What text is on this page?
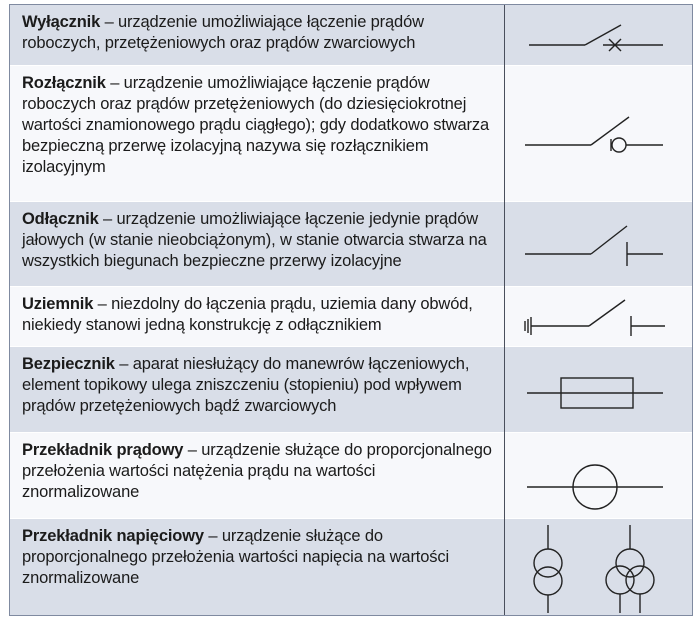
Wyłącznik – urządzenie umożliwiające łączenie prądów roboczych, przetężeniowych oraz prądów zwarciowych
Rozłącznik – urządzenie umożliwiające łączenie prądów roboczych oraz prądów przetężeniowych (do dziesięciokrotnej wartości znamionowego prądu ciągłego); gdy dodatkowo stwarza bezpieczną przerwę izolacyjną nazywa się rozłącznikiem izolacyjnym
Odłącznik – urządzenie umożliwiające łączenie jedynie prądów jałowych (w stanie nieobciążonym), w stanie otwarcia stwarza na wszystkich biegunach bezpieczne przerwy izolacyjne
Uziemnik – niezdolny do łączenia prądu, uziemia dany obwód, niekiedy stanowi jedną konstrukcję z odłącznikiem
Bezpiecznik – aparat niesłużący do manewrów łączeniowych, element topikowy ulega zniszczeniu (stopieniu) pod wpływem prądów przetężeniowych bądź zwarciowych
Przekładnik prądowy – urządzenie służące do proporcjonalnego przełożenia wartości natężenia prądu na wartości znormalizowane
Przekładnik napięciowy – urządzenie służące do proporcjonalnego przełożenia wartości napięcia na wartości znormalizowane
